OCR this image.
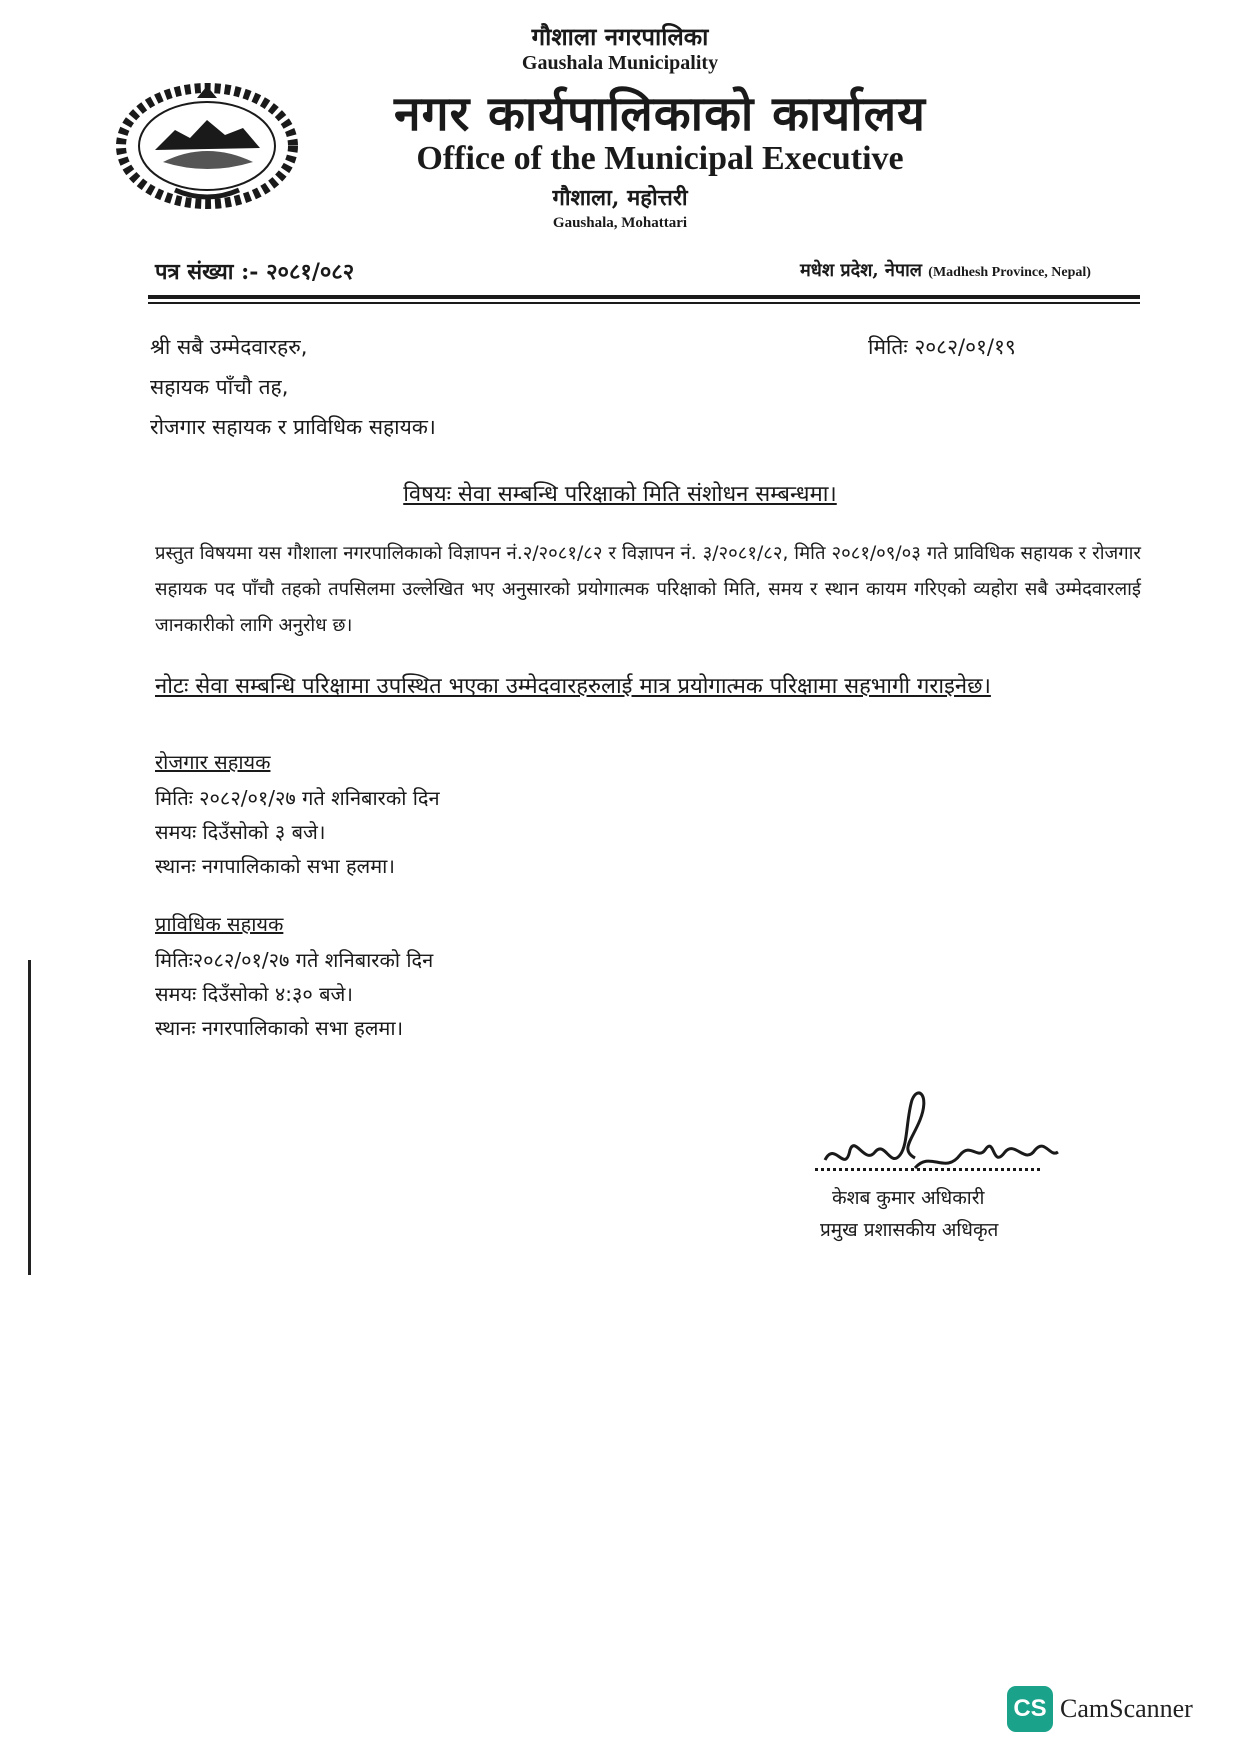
गौशाला नगरपालिका
Gaushala Municipality
नगर कार्यपालिकाको कार्यालय
Office of the Municipal Executive
गौशाला, महोत्तरी
Gaushala, Mohattari
पत्र संख्या :- २०८१/०८२	मधेश प्रदेश, नेपाल (Madhesh Province, Nepal)
श्री सबै उम्मेदवारहरु,
सहायक पाँचौ तह,
रोजगार सहायक र प्राविधिक सहायक।
मितिः २०८२/०१/१९
विषयः सेवा सम्बन्धि परिक्षाको मिति संशोधन सम्बन्धमा।
प्रस्तुत विषयमा यस गौशाला नगरपालिकाको विज्ञापन नं.२/२०८१/८२ र विज्ञापन नं. ३/२०८१/८२, मिति २०८१/०९/०३ गते प्राविधिक सहायक र रोजगार सहायक पद पाँचौ तहको तपसिलमा उल्लेखित भए अनुसारको प्रयोगात्मक परिक्षाको मिति, समय र स्थान कायम गरिएको व्यहोरा सबै उम्मेदवारलाई जानकारीको लागि अनुरोध छ।
नोटः सेवा सम्बन्धि परिक्षामा उपस्थित भएका उम्मेदवारहरुलाई मात्र प्रयोगात्मक परिक्षामा सहभागी गराइनेछ।
रोजगार सहायक
मितिः २०८२/०१/२७ गते शनिबारको दिन
समयः दिउँसोको ३ बजे।
स्थानः नगपालिकाको सभा हलमा।
प्राविधिक सहायक
मितिः२०८२/०१/२७ गते शनिबारको दिन
समयः दिउँसोको ४:३० बजे।
स्थानः नगरपालिकाको सभा हलमा।
केशब कुमार अधिकारी
प्रमुख प्रशासकीय अधिकृत
CS CamScanner
